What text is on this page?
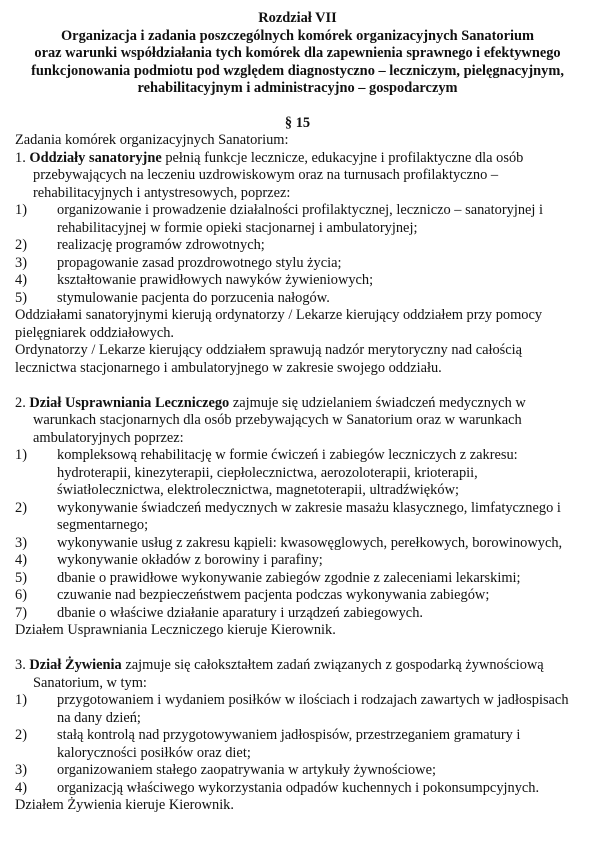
Rozdział VII

Organizacja i zadania poszczególnych komórek organizacyjnych Sanatorium

oraz warunki współdziałania tych komórek dla zapewnienia sprawnego i efektywnego

funkcjonowania podmiotu pod względem diagnostyczno – leczniczym, pielęgnacyjnym,

rehabilitacyjnym i administracyjno – gospodarczym

§ 15

Zadania komórek organizacyjnych Sanatorium:

1. Oddziały sanatoryjne pełnią funkcje lecznicze, edukacyjne i profilaktyczne dla osób przebywających na leczeniu uzdrowiskowym oraz na turnusach profilaktyczno – rehabilitacyjnych i antystresowych, poprzez:

1)	organizowanie i prowadzenie działalności profilaktycznej, leczniczo – sanatoryjnej i rehabilitacyjnej w formie opieki stacjonarnej i ambulatoryjnej;
2)	realizację programów zdrowotnych;
3)	propagowanie zasad prozdrowotnego stylu życia;
4)	kształtowanie prawidłowych nawyków żywieniowych;
5)	stymulowanie pacjenta do porzucenia nałogów.

Oddziałami sanatoryjnymi kierują ordynatorzy / Lekarze kierujący oddziałem przy pomocy pielęgniarek oddziałowych.

Ordynatorzy / Lekarze kierujący oddziałem sprawują nadzór merytoryczny nad całością lecznictwa stacjonarnego i ambulatoryjnego w zakresie swojego oddziału.

2. Dział Usprawniania Leczniczego zajmuje się udzielaniem świadczeń medycznych w warunkach stacjonarnych dla osób przebywających w Sanatorium oraz w warunkach ambulatoryjnych poprzez:

1)	kompleksową rehabilitację w formie ćwiczeń i zabiegów leczniczych z zakresu: hydroterapii, kinezyterapii, ciepłolecznictwa, aerozoloterapii, krioterapii, światłolecznictwa, elektrolecznictwa, magnetoterapii, ultradźwięków;
2)	wykonywanie świadczeń medycznych w zakresie masażu klasycznego, limfatycznego i segmentarnego;
3)	wykonywanie usług z zakresu kąpieli: kwasowęglowych, perełkowych, borowinowych,
4)	wykonywanie okładów z borowiny i parafiny;
5)	dbanie o prawidłowe wykonywanie zabiegów zgodnie z zaleceniami lekarskimi;
6)	czuwanie nad bezpieczeństwem pacjenta podczas wykonywania zabiegów;
7)	dbanie o właściwe działanie aparatury i urządzeń zabiegowych.

Działem Usprawniania Leczniczego kieruje Kierownik.

3. Dział Żywienia zajmuje się całokształtem zadań związanych z gospodarką żywnościową Sanatorium, w tym:

1)	przygotowaniem i wydaniem posiłków w ilościach i rodzajach zawartych w jadłospisach na dany dzień;
2)	stałą kontrolą nad przygotowywaniem jadłospisów, przestrzeganiem gramatury i kaloryczności posiłków oraz diet;
3)	organizowaniem stałego zaopatrywania w artykuły żywnościowe;
4)	organizacją właściwego wykorzystania odpadów kuchennych i pokonsumpcyjnych.

Działem Żywienia kieruje Kierownik.
